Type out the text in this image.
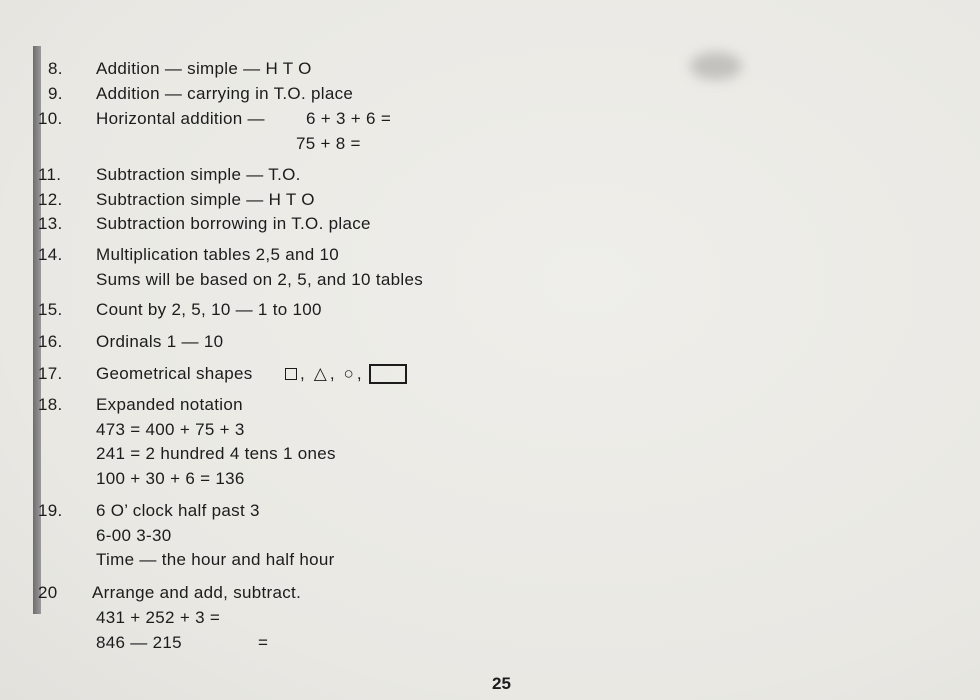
8. Addition — simple — H T O
9. Addition — carrying in T.O. place
10. Horizontal addition — 6 + 3 + 6 =
75 + 8 =
11. Subtraction simple — T.O.
12. Subtraction simple — H T O
13. Subtraction borrowing in T.O. place
14. Multiplication tables 2,5 and 10
Sums will be based on 2, 5, and 10 tables
15. Count by 2, 5, 10 — 1 to 100
16. Ordinals 1 — 10
17. Geometrical shapes	, △ , ○ ,
18. Expanded notation
473 = 400 + 75 + 3
241 = 2 hundred 4 tens 1 ones
100 + 30 + 6 = 136
19. 6 O’ clock half past 3
6-00 3-30
Time — the hour and half hour
20 Arrange and add, subtract.
431 + 252 + 3 =
846 — 215	=
25
